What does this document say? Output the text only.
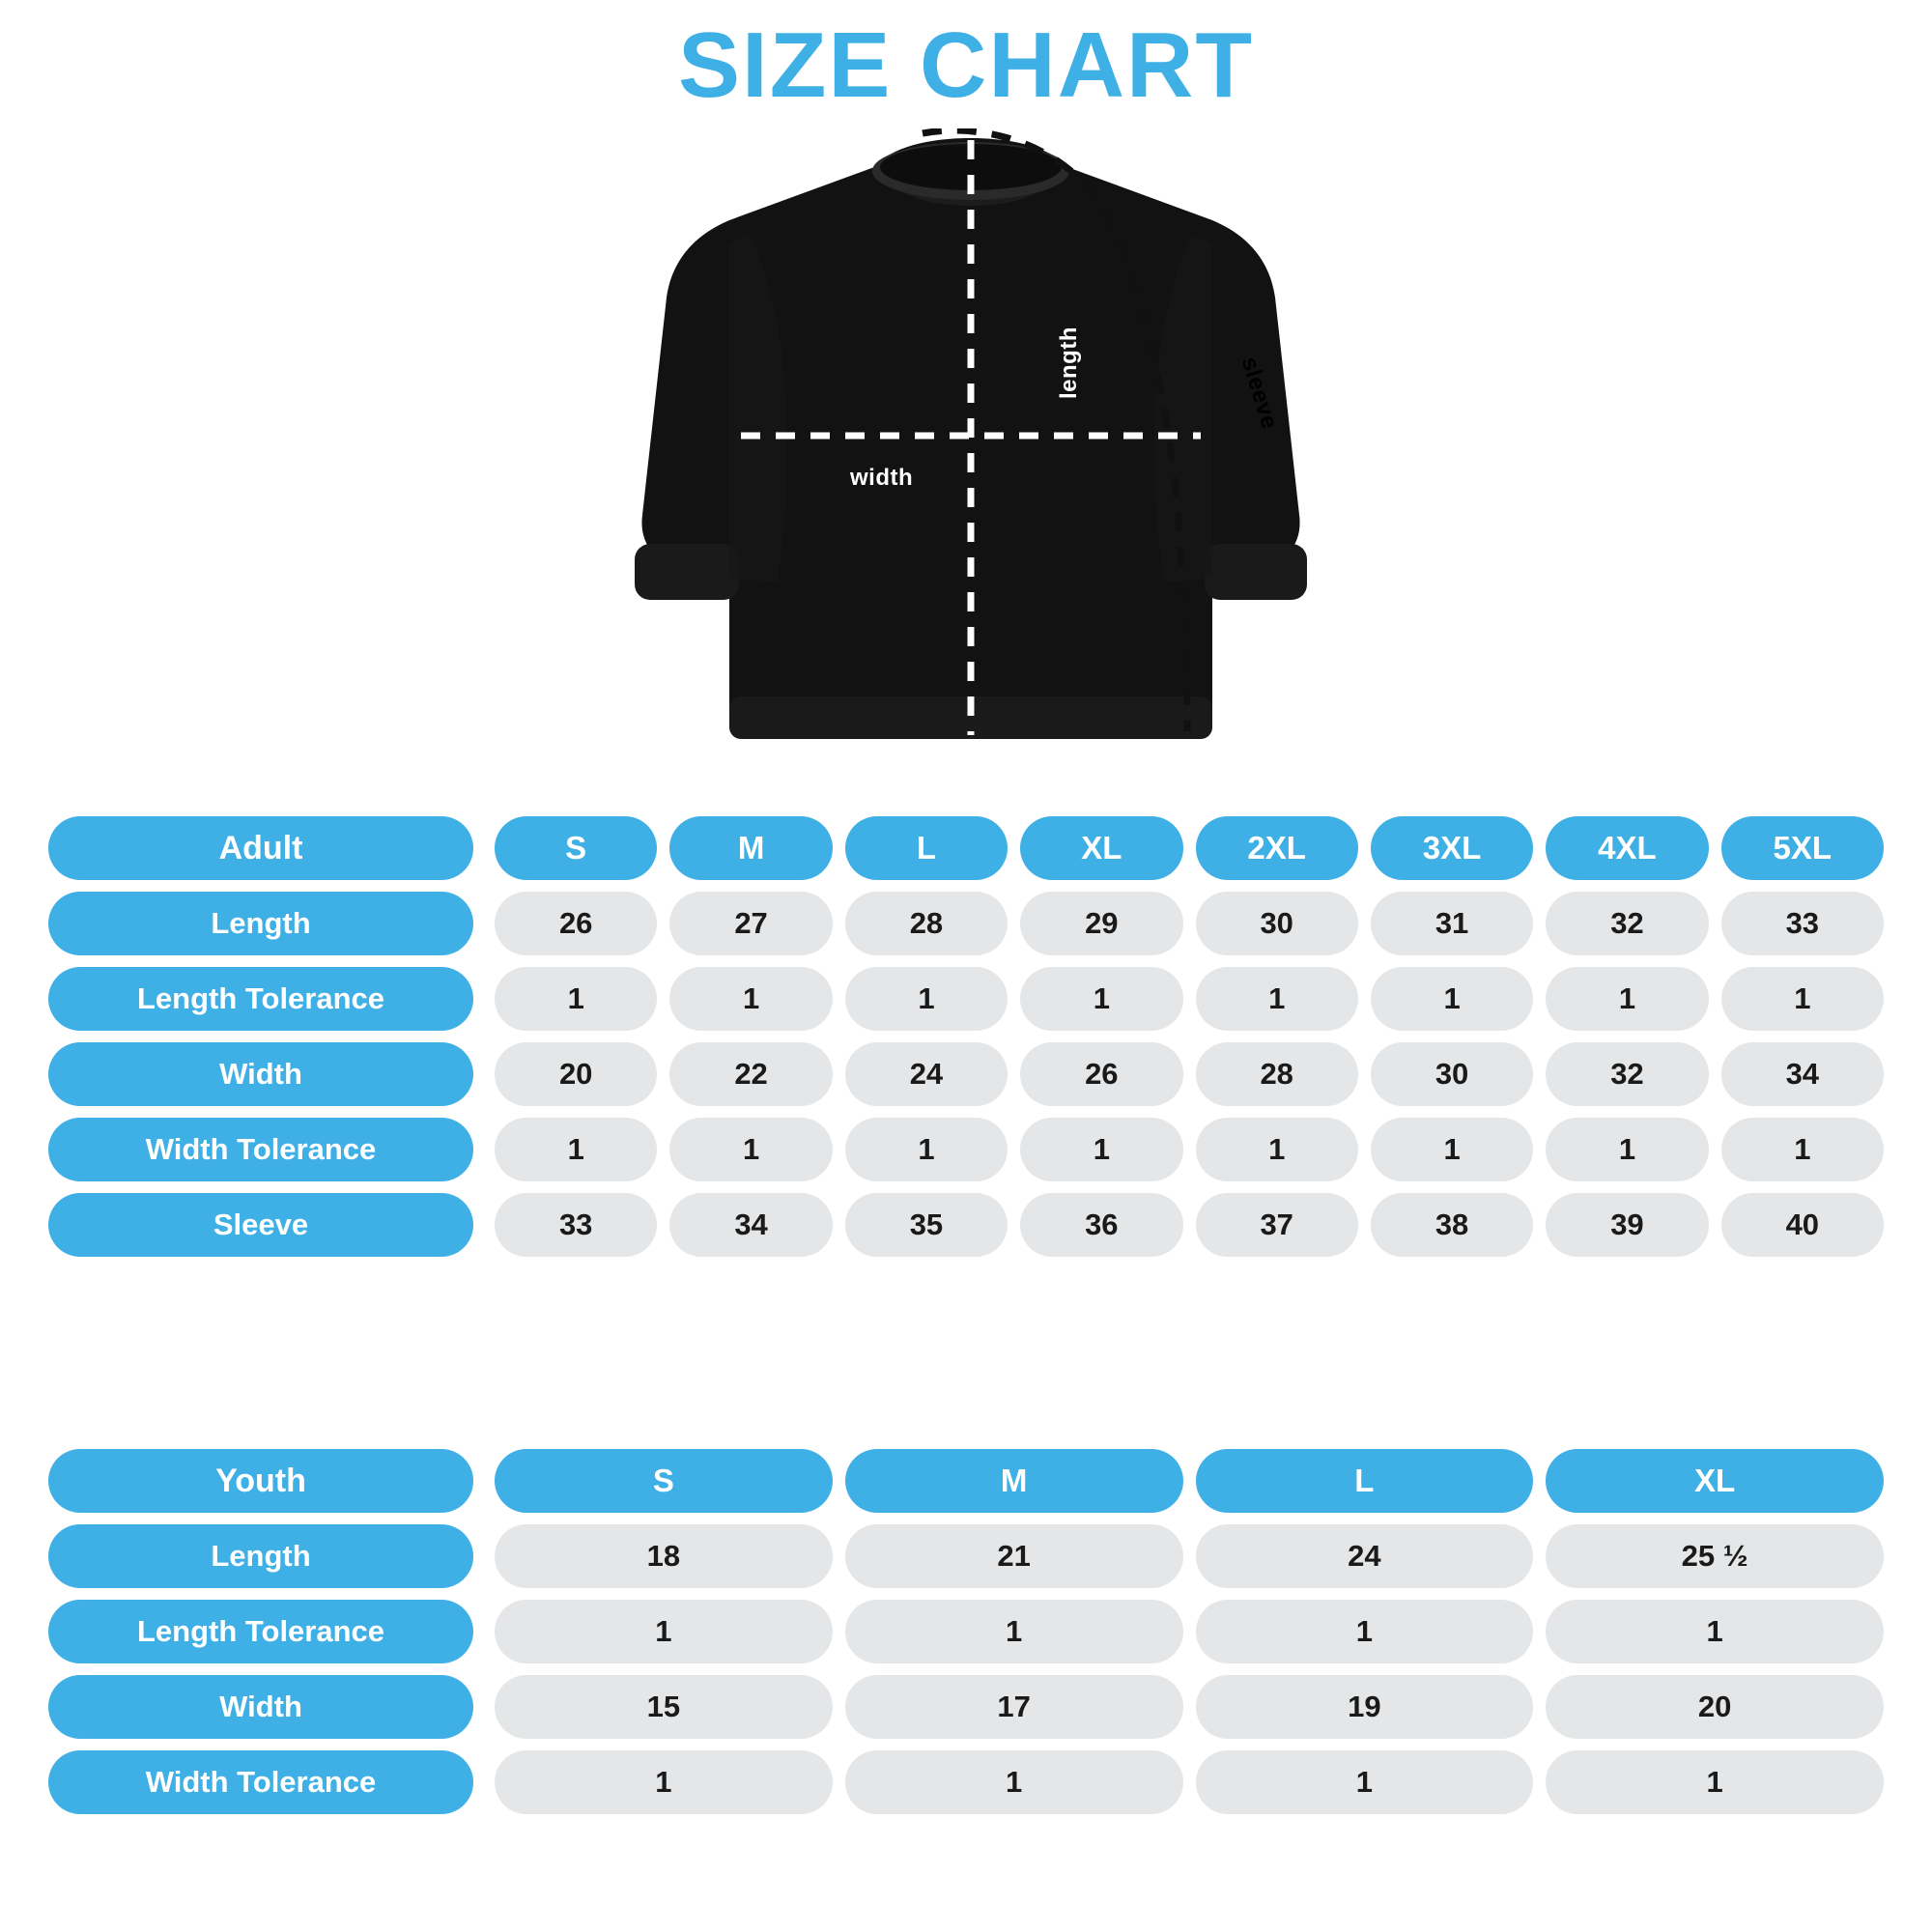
SIZE CHART
width
length	sleeve
Adult	S	M	L	XL	2XL	3XL	4XL	5XL
Length	26	27	28	29	30	31	32	33
Length Tolerance	1	1	1	1	1	1	1	1
Width	20	22	24	26	28	30	32	34
Width Tolerance	1	1	1	1	1	1	1	1
Sleeve	33	34	35	36	37	38	39	40
Youth	S	M	L	XL
Length	18	21	24	25 ½
Length Tolerance	1	1	1	1
Width	15	17	19	20
Width Tolerance	1	1	1	1
